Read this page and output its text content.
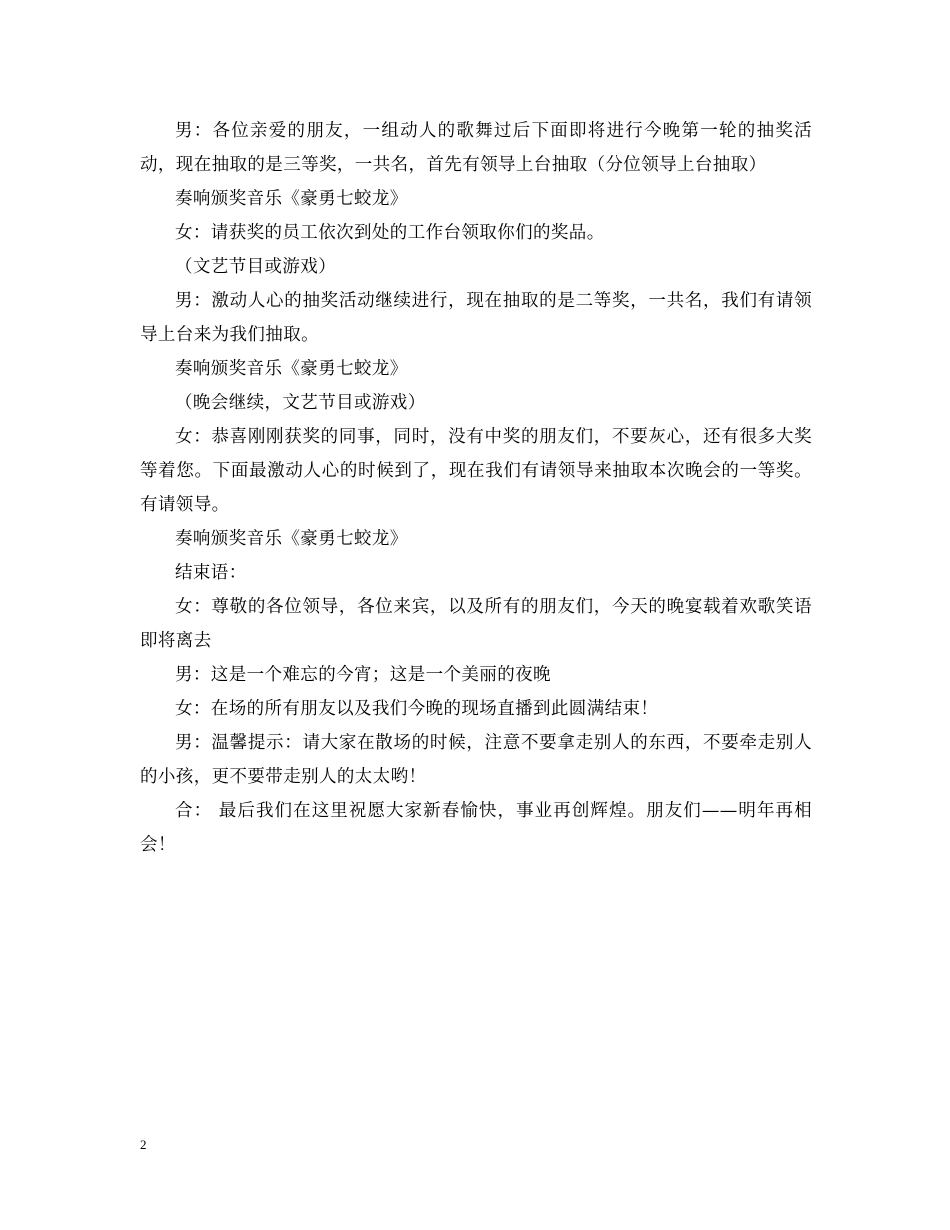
男：各位亲爱的朋友，一组动人的歌舞过后下面即将进行今晚第一轮的抽奖活动，现在抽取的是三等奖，一共名，首先有领导上台抽取（分位领导上台抽取）

奏响颁奖音乐《豪勇七蛟龙》

女：请获奖的员工依次到处的工作台领取你们的奖品。

（文艺节目或游戏）

男：激动人心的抽奖活动继续进行，现在抽取的是二等奖，一共名，我们有请领导上台来为我们抽取。

奏响颁奖音乐《豪勇七蛟龙》

（晚会继续，文艺节目或游戏）

女：恭喜刚刚获奖的同事，同时，没有中奖的朋友们，不要灰心，还有很多大奖等着您。下面最激动人心的时候到了，现在我们有请领导来抽取本次晚会的一等奖。有请领导。

奏响颁奖音乐《豪勇七蛟龙》

结束语：

女：尊敬的各位领导，各位来宾，以及所有的朋友们，今天的晚宴载着欢歌笑语即将离去

男：这是一个难忘的今宵；这是一个美丽的夜晚

女：在场的所有朋友以及我们今晚的现场直播到此圆满结束！

男：温馨提示：请大家在散场的时候，注意不要拿走别人的东西，不要牵走别人的小孩，更不要带走别人的太太哟！

合： 最后我们在这里祝愿大家新春愉快，事业再创辉煌。朋友们——明年再相会！

2
